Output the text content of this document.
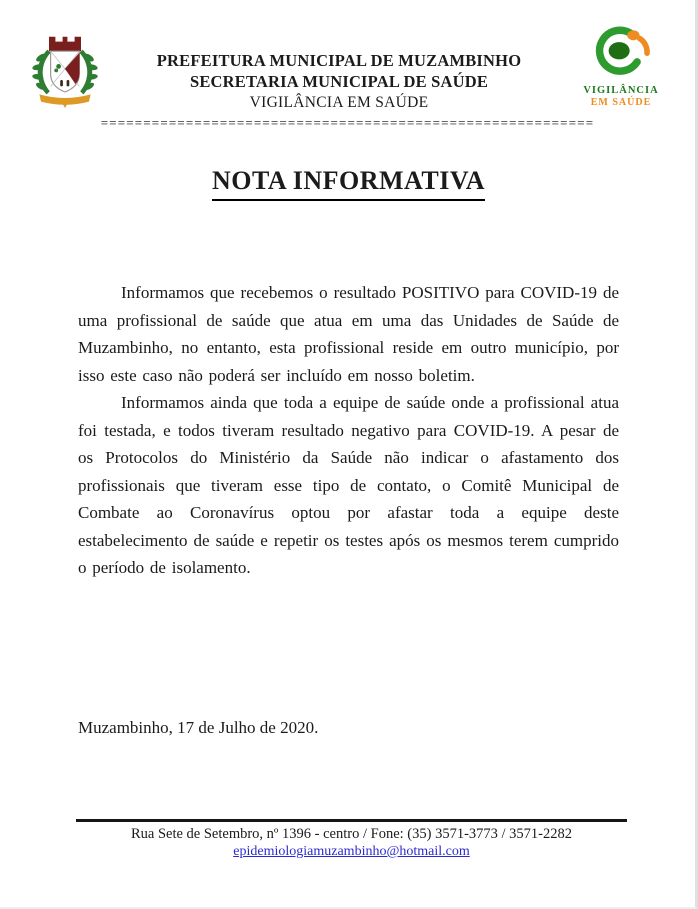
PREFEITURA MUNICIPAL DE MUZAMBINHO
SECRETARIA MUNICIPAL DE SAÚDE
VIGILÂNCIA EM SAÚDE
VIGILÂNCIA
EM SAÚDE
==========================================================
NOTA INFORMATIVA

Informamos que recebemos o resultado POSITIVO para COVID-19 de uma profissional de saúde que atua em uma das Unidades de Saúde de Muzambinho, no entanto, esta profissional reside em outro município, por isso este caso não poderá ser incluído em nosso boletim.

Informamos ainda que toda a equipe de saúde onde a profissional atua foi testada, e todos tiveram resultado negativo para COVID-19. A pesar de os Protocolos do Ministério da Saúde não indicar o afastamento dos profissionais que tiveram esse tipo de contato, o Comitê Municipal de Combate ao Coronavírus optou por afastar toda a equipe deste estabelecimento de saúde e repetir os testes após os mesmos terem cumprido o período de isolamento.

Muzambinho, 17 de Julho de 2020.
Rua Sete de Setembro, nº 1396 - centro / Fone: (35) 3571-3773 / 3571-2282
epidemiologiamuzambinho@hotmail.com
